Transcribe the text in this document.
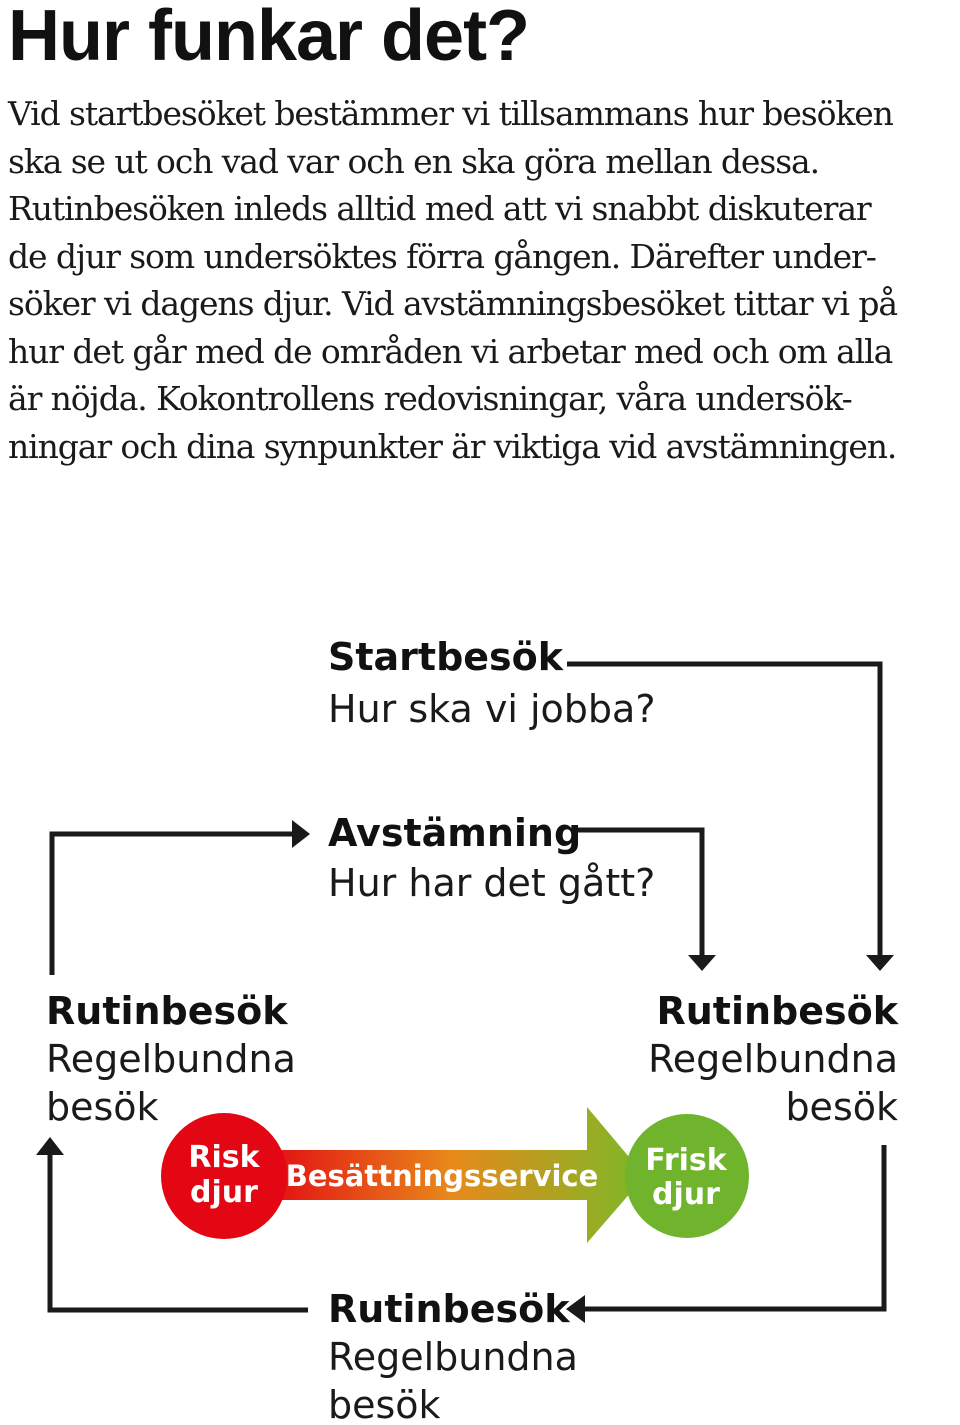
Hur funkar det?

Vid startbesöket bestämmer vi tillsammans hur besöken
ska se ut och vad var och en ska göra mellan dessa.
Rutinbesöken inleds alltid med att vi snabbt diskuterar
de djur som undersöktes förra gången. Därefter under-
söker vi dagens djur. Vid avstämningsbesöket tittar vi på
hur det går med de områden vi arbetar med och om alla
är nöjda. Kokontrollens redovisningar, våra undersök-
ningar och dina synpunkter är viktiga vid avstämningen.

Risk
djur
Frisk
djur
Besättningsservice
Startbesök
Hur ska vi jobba?
Avstämning
Hur har det gått?
Rutinbesök
Regelbundna
besök
Rutinbesök
Regelbundna
besök
Rutinbesök
Regelbundna
besök
